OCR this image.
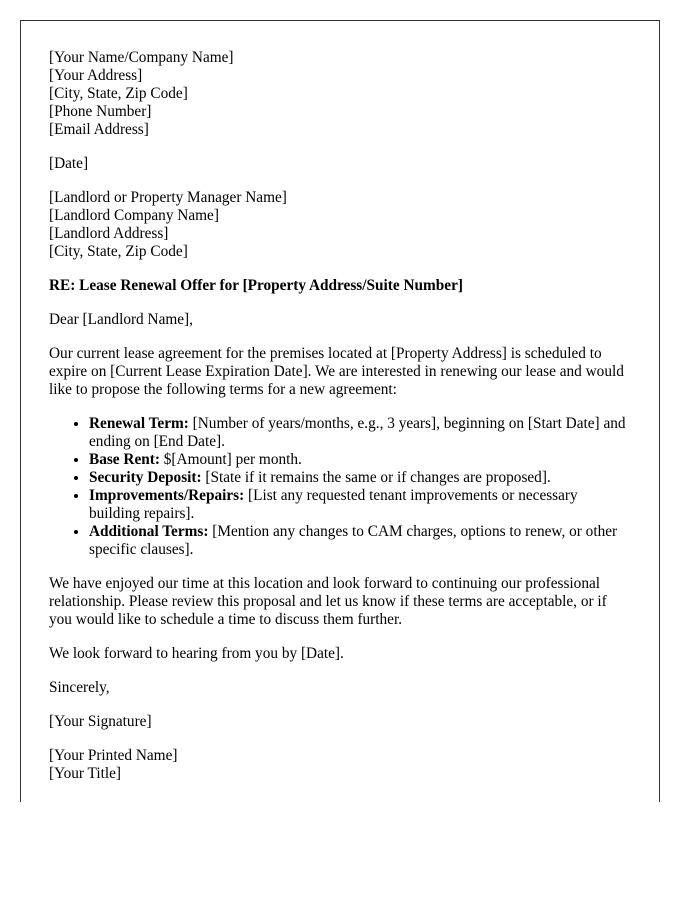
[Your Name/Company Name]
[Your Address]
[City, State, Zip Code]
[Phone Number]
[Email Address]

[Date]

[Landlord or Property Manager Name]
[Landlord Company Name]
[Landlord Address]
[City, State, Zip Code]

RE: Lease Renewal Offer for [Property Address/Suite Number]

Dear [Landlord Name],

Our current lease agreement for the premises located at [Property Address] is scheduled to expire on [Current Lease Expiration Date]. We are interested in renewing our lease and would like to propose the following terms for a new agreement:

• Renewal Term: [Number of years/months, e.g., 3 years], beginning on [Start Date] and ending on [End Date].
• Base Rent: $[Amount] per month.
• Security Deposit: [State if it remains the same or if changes are proposed].
• Improvements/Repairs: [List any requested tenant improvements or necessary building repairs].
• Additional Terms: [Mention any changes to CAM charges, options to renew, or other specific clauses].

We have enjoyed our time at this location and look forward to continuing our professional relationship. Please review this proposal and let us know if these terms are acceptable, or if you would like to schedule a time to discuss them further.

We look forward to hearing from you by [Date].

Sincerely,

[Your Signature]

[Your Printed Name]
[Your Title]
